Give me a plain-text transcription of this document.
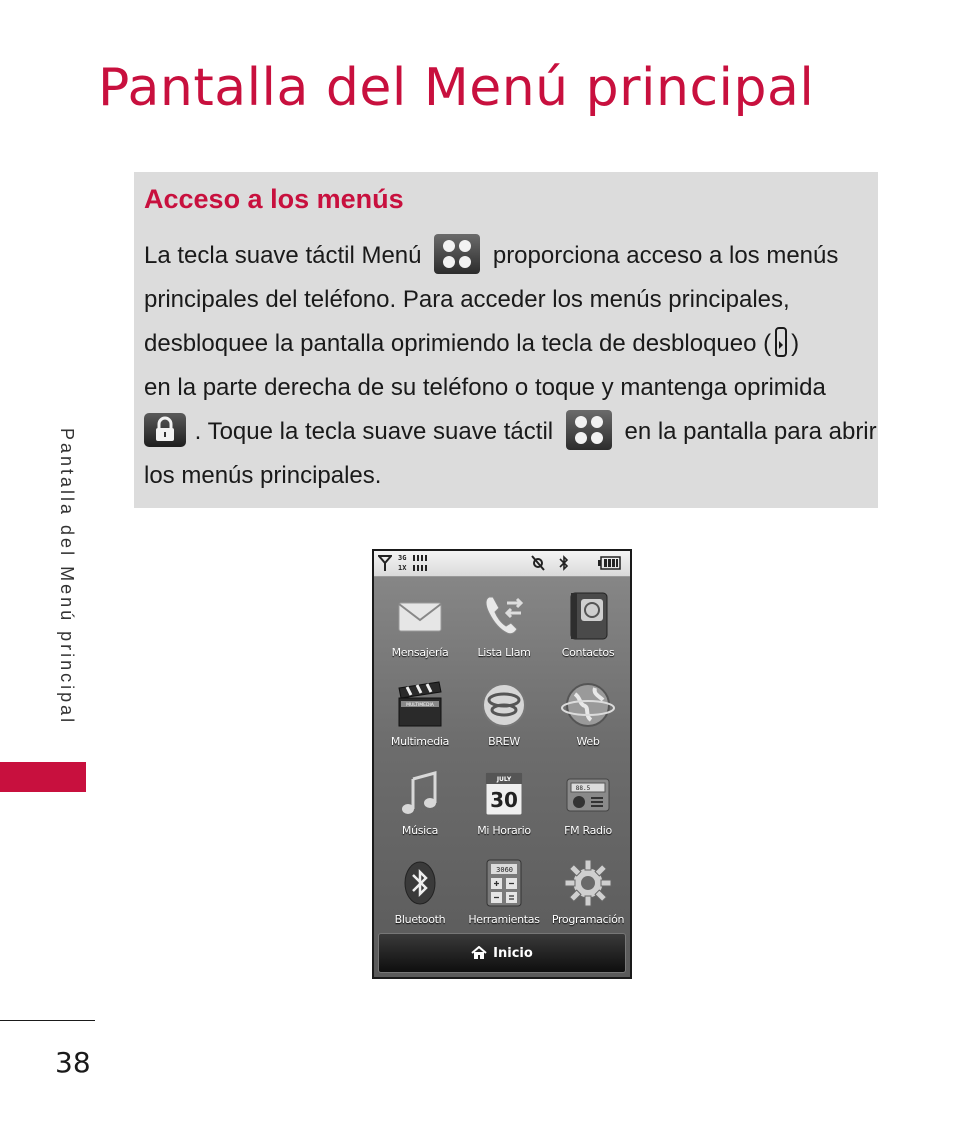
Pantalla del Menú principal
Acceso a los menús

La tecla suave táctil Menú	proporciona acceso a los menús
principales del teléfono. Para acceder los menús principales,
desbloquee la pantalla oprimiendo la tecla de desbloqueo ( )
en la parte derecha de su teléfono o toque y mantenga oprimida
. Toque la tecla suave suave táctil	en la pantalla para abrir
los menús principales.

Pantalla del Menú principal	3G
1X
Mensajería	Lista Llam	Contactos
MULTIMEDIA
Multimedia	BREW	Web
Música
JULY
30
Mi Horario
88.5
FM Radio
Bluetooth
3060
Herramientas Programación
Inicio
38
